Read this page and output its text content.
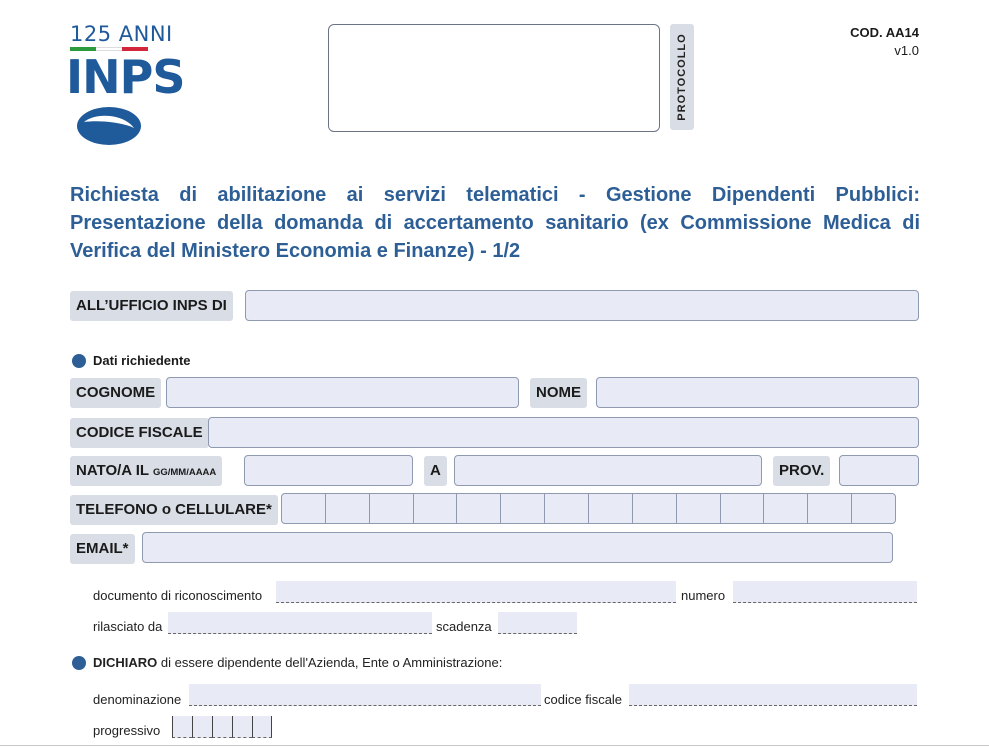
125 ANNI
INPS	PROTOCOLLO
COD. AA14
v1.0
Richiesta di abilitazione ai servizi telematici - Gestione Dipendenti Pubblici: Presentazione della domanda di accertamento sanitario (ex Commissione Medica di Verifica del Ministero Economia e Finanze) - 1/2
ALL’UFFICIO INPS DI
Dati richiedente
COGNOME	NOME
CODICE FISCALE
NATO/A IL GG/MM/AAAA	A	PROV.
TELEFONO o CELLULARE*
EMAIL*
documento di riconoscimento	numero
rilasciato da	scadenza
DICHIARO di essere dipendente dell'Azienda, Ente o Amministrazione:
denominazione	codice fiscale
progressivo
